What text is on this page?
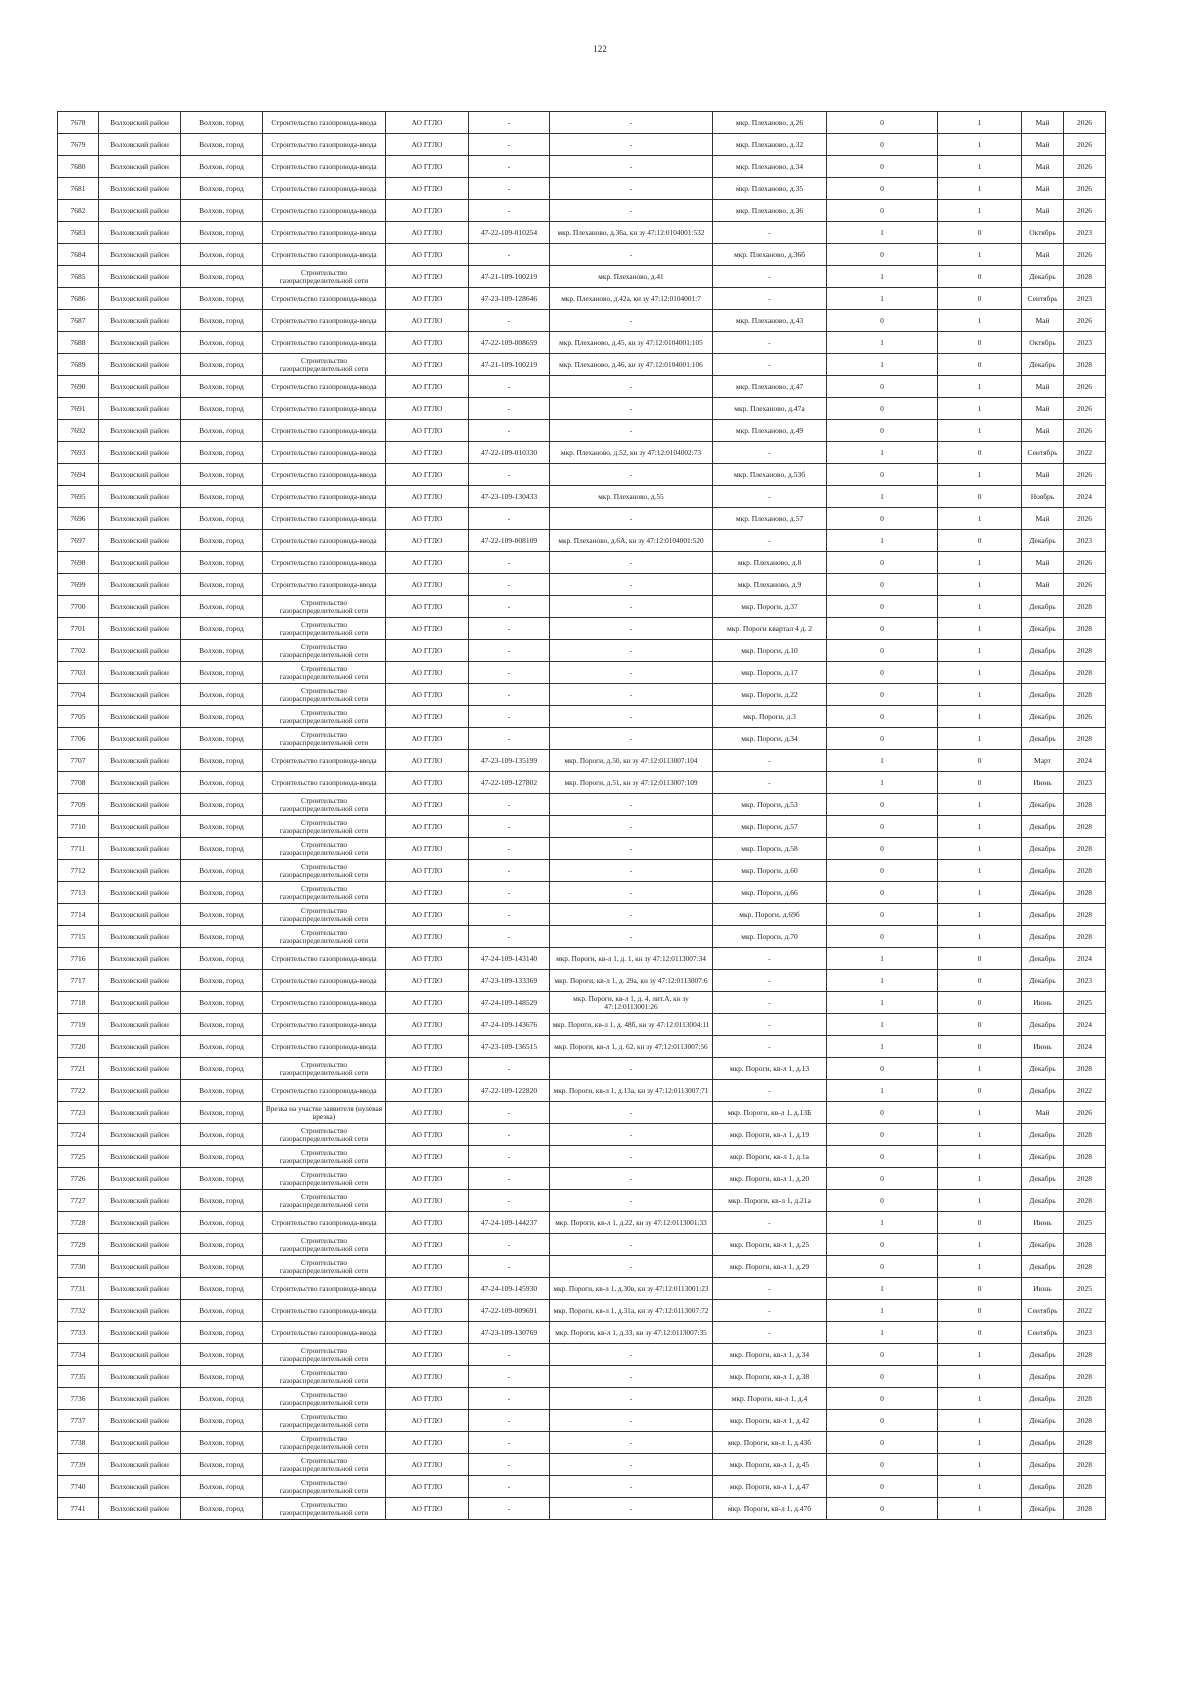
122
7678	Волховский район	Волхов, город	Строительство газопровода-ввода	АО ГГЛО	-	-	мкр. Плеханово, д.26	0	1	Май	2026
7679	Волховский район	Волхов, город	Строительство газопровода-ввода	АО ГГЛО	-	-	мкр. Плеханово, д.32	0	1	Май	2026
7680	Волховский район	Волхов, город	Строительство газопровода-ввода	АО ГГЛО	-	-	мкр. Плеханово, д.34	0	1	Май	2026
7681	Волховский район	Волхов, город	Строительство газопровода-ввода	АО ГГЛО	-	-	мкр. Плеханово, д.35	0	1	Май	2026
7682	Волховский район	Волхов, город	Строительство газопровода-ввода	АО ГГЛО	-	-	мкр. Плеханово, д.36	0	1	Май	2026
7683	Волховский район	Волхов, город	Строительство газопровода-ввода	АО ГГЛО	47-22-109-010254	мкр. Плеханово, д.36а, кн зу 47:12:0104001:532	-	1	0	Октябрь	2023
7684	Волховский район	Волхов, город	Строительство газопровода-ввода	АО ГГЛО	-	-	мкр. Плеханово, д.36б	0	1	Май	2026
7685	Волховский район	Волхов, город	Строительство газораспределительной сети	АО ГГЛО	47-21-109-100219	мкр. Плеханово, д.41	-	1	0	Декабрь	2028
7686	Волховский район	Волхов, город	Строительство газопровода-ввода	АО ГГЛО	47-23-109-128646	мкр. Плеханово, д.42а, кн зу 47:12:0104001:7	-	1	0	Сентябрь	2023
7687	Волховский район	Волхов, город	Строительство газопровода-ввода	АО ГГЛО	-	-	мкр. Плеханово, д.43	0	1	Май	2026
7688	Волховский район	Волхов, город	Строительство газопровода-ввода	АО ГГЛО	47-22-109-008659	мкр. Плеханово, д.45, кн зу 47:12:0104001:105	-	1	0	Октябрь	2023
7689	Волховский район	Волхов, город	Строительство газораспределительной сети	АО ГГЛО	47-21-109-100219	мкр. Плеханово, д.46, кн зу 47:12:0104001:106	-	1	0	Декабрь	2028
7690	Волховский район	Волхов, город	Строительство газопровода-ввода	АО ГГЛО	-	-	мкр. Плеханово, д.47	0	1	Май	2026
7691	Волховский район	Волхов, город	Строительство газопровода-ввода	АО ГГЛО	-	-	мкр. Плеханово, д.47а	0	1	Май	2026
7692	Волховский район	Волхов, город	Строительство газопровода-ввода	АО ГГЛО	-	-	мкр. Плеханово, д.49	0	1	Май	2026
7693	Волховский район	Волхов, город	Строительство газопровода-ввода	АО ГГЛО	47-22-109-010330	мкр. Плеханово, д.52, кн зу 47:12:0104002:73	-	1	0	Сентябрь	2022
7694	Волховский район	Волхов, город	Строительство газопровода-ввода	АО ГГЛО	-	-	мкр. Плеханово, д.53б	0	1	Май	2026
7695	Волховский район	Волхов, город	Строительство газопровода-ввода	АО ГГЛО	47-23-109-130433	мкр. Плеханово, д.55	-	1	0	Ноябрь	2024
7696	Волховский район	Волхов, город	Строительство газопровода-ввода	АО ГГЛО	-	-	мкр. Плеханово, д.57	0	1	Май	2026
7697	Волховский район	Волхов, город	Строительство газопровода-ввода	АО ГГЛО	47-22-109-008109	мкр. Плеханово, д.6А, кн зу 47:12:0104001:520	-	1	0	Декабрь	2023
7698	Волховский район	Волхов, город	Строительство газопровода-ввода	АО ГГЛО	-	-	мкр. Плеханово, д.8	0	1	Май	2026
7699	Волховский район	Волхов, город	Строительство газопровода-ввода	АО ГГЛО	-	-	мкр. Плеханово, д.9	0	1	Май	2026
7700	Волховский район	Волхов, город	Строительство газораспределительной сети	АО ГГЛО	-	-	мкр. Пороги, д.37	0	1	Декабрь	2028
7701	Волховский район	Волхов, город	Строительство газораспределительной сети	АО ГГЛО	-	-	мкр. Пороги квартал 4 д. 2	0	1	Декабрь	2028
7702	Волховский район	Волхов, город	Строительство газораспределительной сети	АО ГГЛО	-	-	мкр. Пороги, д.10	0	1	Декабрь	2028
7703	Волховский район	Волхов, город	Строительство газораспределительной сети	АО ГГЛО	-	-	мкр. Пороги, д.17	0	1	Декабрь	2028
7704	Волховский район	Волхов, город	Строительство газораспределительной сети	АО ГГЛО	-	-	мкр. Пороги, д.22	0	1	Декабрь	2028
7705	Волховский район	Волхов, город	Строительство газораспределительной сети	АО ГГЛО	-	-	мкр. Пороги, д.3	0	1	Декабрь	2026
7706	Волховский район	Волхов, город	Строительство газораспределительной сети	АО ГГЛО	-	-	мкр. Пороги, д.34	0	1	Декабрь	2028
7707	Волховский район	Волхов, город	Строительство газопровода-ввода	АО ГГЛО	47-23-109-135199	мкр. Пороги, д.50, кн зу 47:12:0113007:104	-	1	0	Март	2024
7708	Волховский район	Волхов, город	Строительство газопровода-ввода	АО ГГЛО	47-22-109-127802	мкр. Пороги, д.51, кн зу 47:12:0113007:109	-	1	0	Июнь	2023
7709	Волховский район	Волхов, город	Строительство газораспределительной сети	АО ГГЛО	-	-	мкр. Пороги, д.53	0	1	Декабрь	2028
7710	Волховский район	Волхов, город	Строительство газораспределительной сети	АО ГГЛО	-	-	мкр. Пороги, д.57	0	1	Декабрь	2028
7711	Волховский район	Волхов, город	Строительство газораспределительной сети	АО ГГЛО	-	-	мкр. Пороги, д.58	0	1	Декабрь	2028
7712	Волховский район	Волхов, город	Строительство газораспределительной сети	АО ГГЛО	-	-	мкр. Пороги, д.60	0	1	Декабрь	2028
7713	Волховский район	Волхов, город	Строительство газораспределительной сети	АО ГГЛО	-	-	мкр. Пороги, д.66	0	1	Декабрь	2028
7714	Волховский район	Волхов, город	Строительство газораспределительной сети	АО ГГЛО	-	-	мкр. Пороги, д.69б	0	1	Декабрь	2028
7715	Волховский район	Волхов, город	Строительство газораспределительной сети	АО ГГЛО	-	-	мкр. Пороги, д.70	0	1	Декабрь	2028
7716	Волховский район	Волхов, город	Строительство газопровода-ввода	АО ГГЛО	47-24-109-143140	мкр. Пороги, кв-л 1, д. 1, кн зу 47:12:0113007:34	-	1	0	Декабрь	2024
7717	Волховский район	Волхов, город	Строительство газопровода-ввода	АО ГГЛО	47-23-109-133369	мкр. Пороги, кв-л 1, д. 29а, кн зу 47:12:0113007:6	-	1	0	Декабрь	2023
7718	Волховский район	Волхов, город	Строительство газопровода-ввода	АО ГГЛО	47-24-109-148529	мкр. Пороги, кв-л 1, д. 4, лит.А, кн зу 47:12:0113001:26	-	1	0	Июнь	2025
7719	Волховский район	Волхов, город	Строительство газопровода-ввода	АО ГГЛО	47-24-109-143676	мкр. Пороги, кв-л 1, д. 48б, кн зу 47:12:0113004:11	-	1	0	Декабрь	2024
7720	Волховский район	Волхов, город	Строительство газопровода-ввода	АО ГГЛО	47-23-109-136515	мкр. Пороги, кв-л 1, д. 62, кн зу 47:12:0113007:56	-	1	0	Июнь	2024
7721	Волховский район	Волхов, город	Строительство газораспределительной сети	АО ГГЛО	-	-	мкр. Пороги, кв-л 1, д.13	0	1	Декабрь	2028
7722	Волховский район	Волхов, город	Строительство газопровода-ввода	АО ГГЛО	47-22-109-122820	мкр. Пороги, кв-л 1, д.13а, кн зу 47:12:0113007:71	-	1	0	Декабрь	2022
7723	Волховский район	Волхов, город	Врезка на участке заявителя (нулевая врезка)	АО ГГЛО	-	-	мкр. Пороги, кв-л 1, д.13Б	0	1	Май	2026
7724	Волховский район	Волхов, город	Строительство газораспределительной сети	АО ГГЛО	-	-	мкр. Пороги, кв-л 1, д.19	0	1	Декабрь	2028
7725	Волховский район	Волхов, город	Строительство газораспределительной сети	АО ГГЛО	-	-	мкр. Пороги, кв-л 1, д.1а	0	1	Декабрь	2028
7726	Волховский район	Волхов, город	Строительство газораспределительной сети	АО ГГЛО	-	-	мкр. Пороги, кв-л 1, д.20	0	1	Декабрь	2028
7727	Волховский район	Волхов, город	Строительство газораспределительной сети	АО ГГЛО	-	-	мкр. Пороги, кв-л 1, д.21а	0	1	Декабрь	2028
7728	Волховский район	Волхов, город	Строительство газопровода-ввода	АО ГГЛО	47-24-109-144237	мкр. Пороги, кв-л 1, д.22, кн зу 47:12:0113001:33	-	1	0	Июнь	2025
7729	Волховский район	Волхов, город	Строительство газораспределительной сети	АО ГГЛО	-	-	мкр. Пороги, кв-л 1, д.25	0	1	Декабрь	2028
7730	Волховский район	Волхов, город	Строительство газораспределительной сети	АО ГГЛО	-	-	мкр. Пороги, кв-л 1, д.29	0	1	Декабрь	2028
7731	Волховский район	Волхов, город	Строительство газопровода-ввода	АО ГГЛО	47-24-109-145930	мкр. Пороги, кв-л 1, д.30в, кн зу 47:12:0113001:23	-	1	0	Июнь	2025
7732	Волховский район	Волхов, город	Строительство газопровода-ввода	АО ГГЛО	47-22-109-009691	мкр. Пороги, кв-л 1, д.31а, кн зу 47:12:0113007:72	-	1	0	Сентябрь	2022
7733	Волховский район	Волхов, город	Строительство газопровода-ввода	АО ГГЛО	47-23-109-130769	мкр. Пороги, кв-л 1, д.33, кн зу 47:12:0113007:35	-	1	0	Сентябрь	2023
7734	Волховский район	Волхов, город	Строительство газораспределительной сети	АО ГГЛО	-	-	мкр. Пороги, кв-л 1, д.34	0	1	Декабрь	2028
7735	Волховский район	Волхов, город	Строительство газораспределительной сети	АО ГГЛО	-	-	мкр. Пороги, кв-л 1, д.38	0	1	Декабрь	2028
7736	Волховский район	Волхов, город	Строительство газораспределительной сети	АО ГГЛО	-	-	мкр. Пороги, кв-л 1, д.4	0	1	Декабрь	2028
7737	Волховский район	Волхов, город	Строительство газораспределительной сети	АО ГГЛО	-	-	мкр. Пороги, кв-л 1, д.42	0	1	Декабрь	2028
7738	Волховский район	Волхов, город	Строительство газораспределительной сети	АО ГГЛО	-	-	мкр. Пороги, кв-л 1, д.43б	0	1	Декабрь	2028
7739	Волховский район	Волхов, город	Строительство газораспределительной сети	АО ГГЛО	-	-	мкр. Пороги, кв-л 1, д.45	0	1	Декабрь	2028
7740	Волховский район	Волхов, город	Строительство газораспределительной сети	АО ГГЛО	-	-	мкр. Пороги, кв-л 1, д.47	0	1	Декабрь	2028
7741	Волховский район	Волхов, город	Строительство газораспределительной сети	АО ГГЛО	-	-	мкр. Пороги, кв-л 1, д.47б	0	1	Декабрь	2028
